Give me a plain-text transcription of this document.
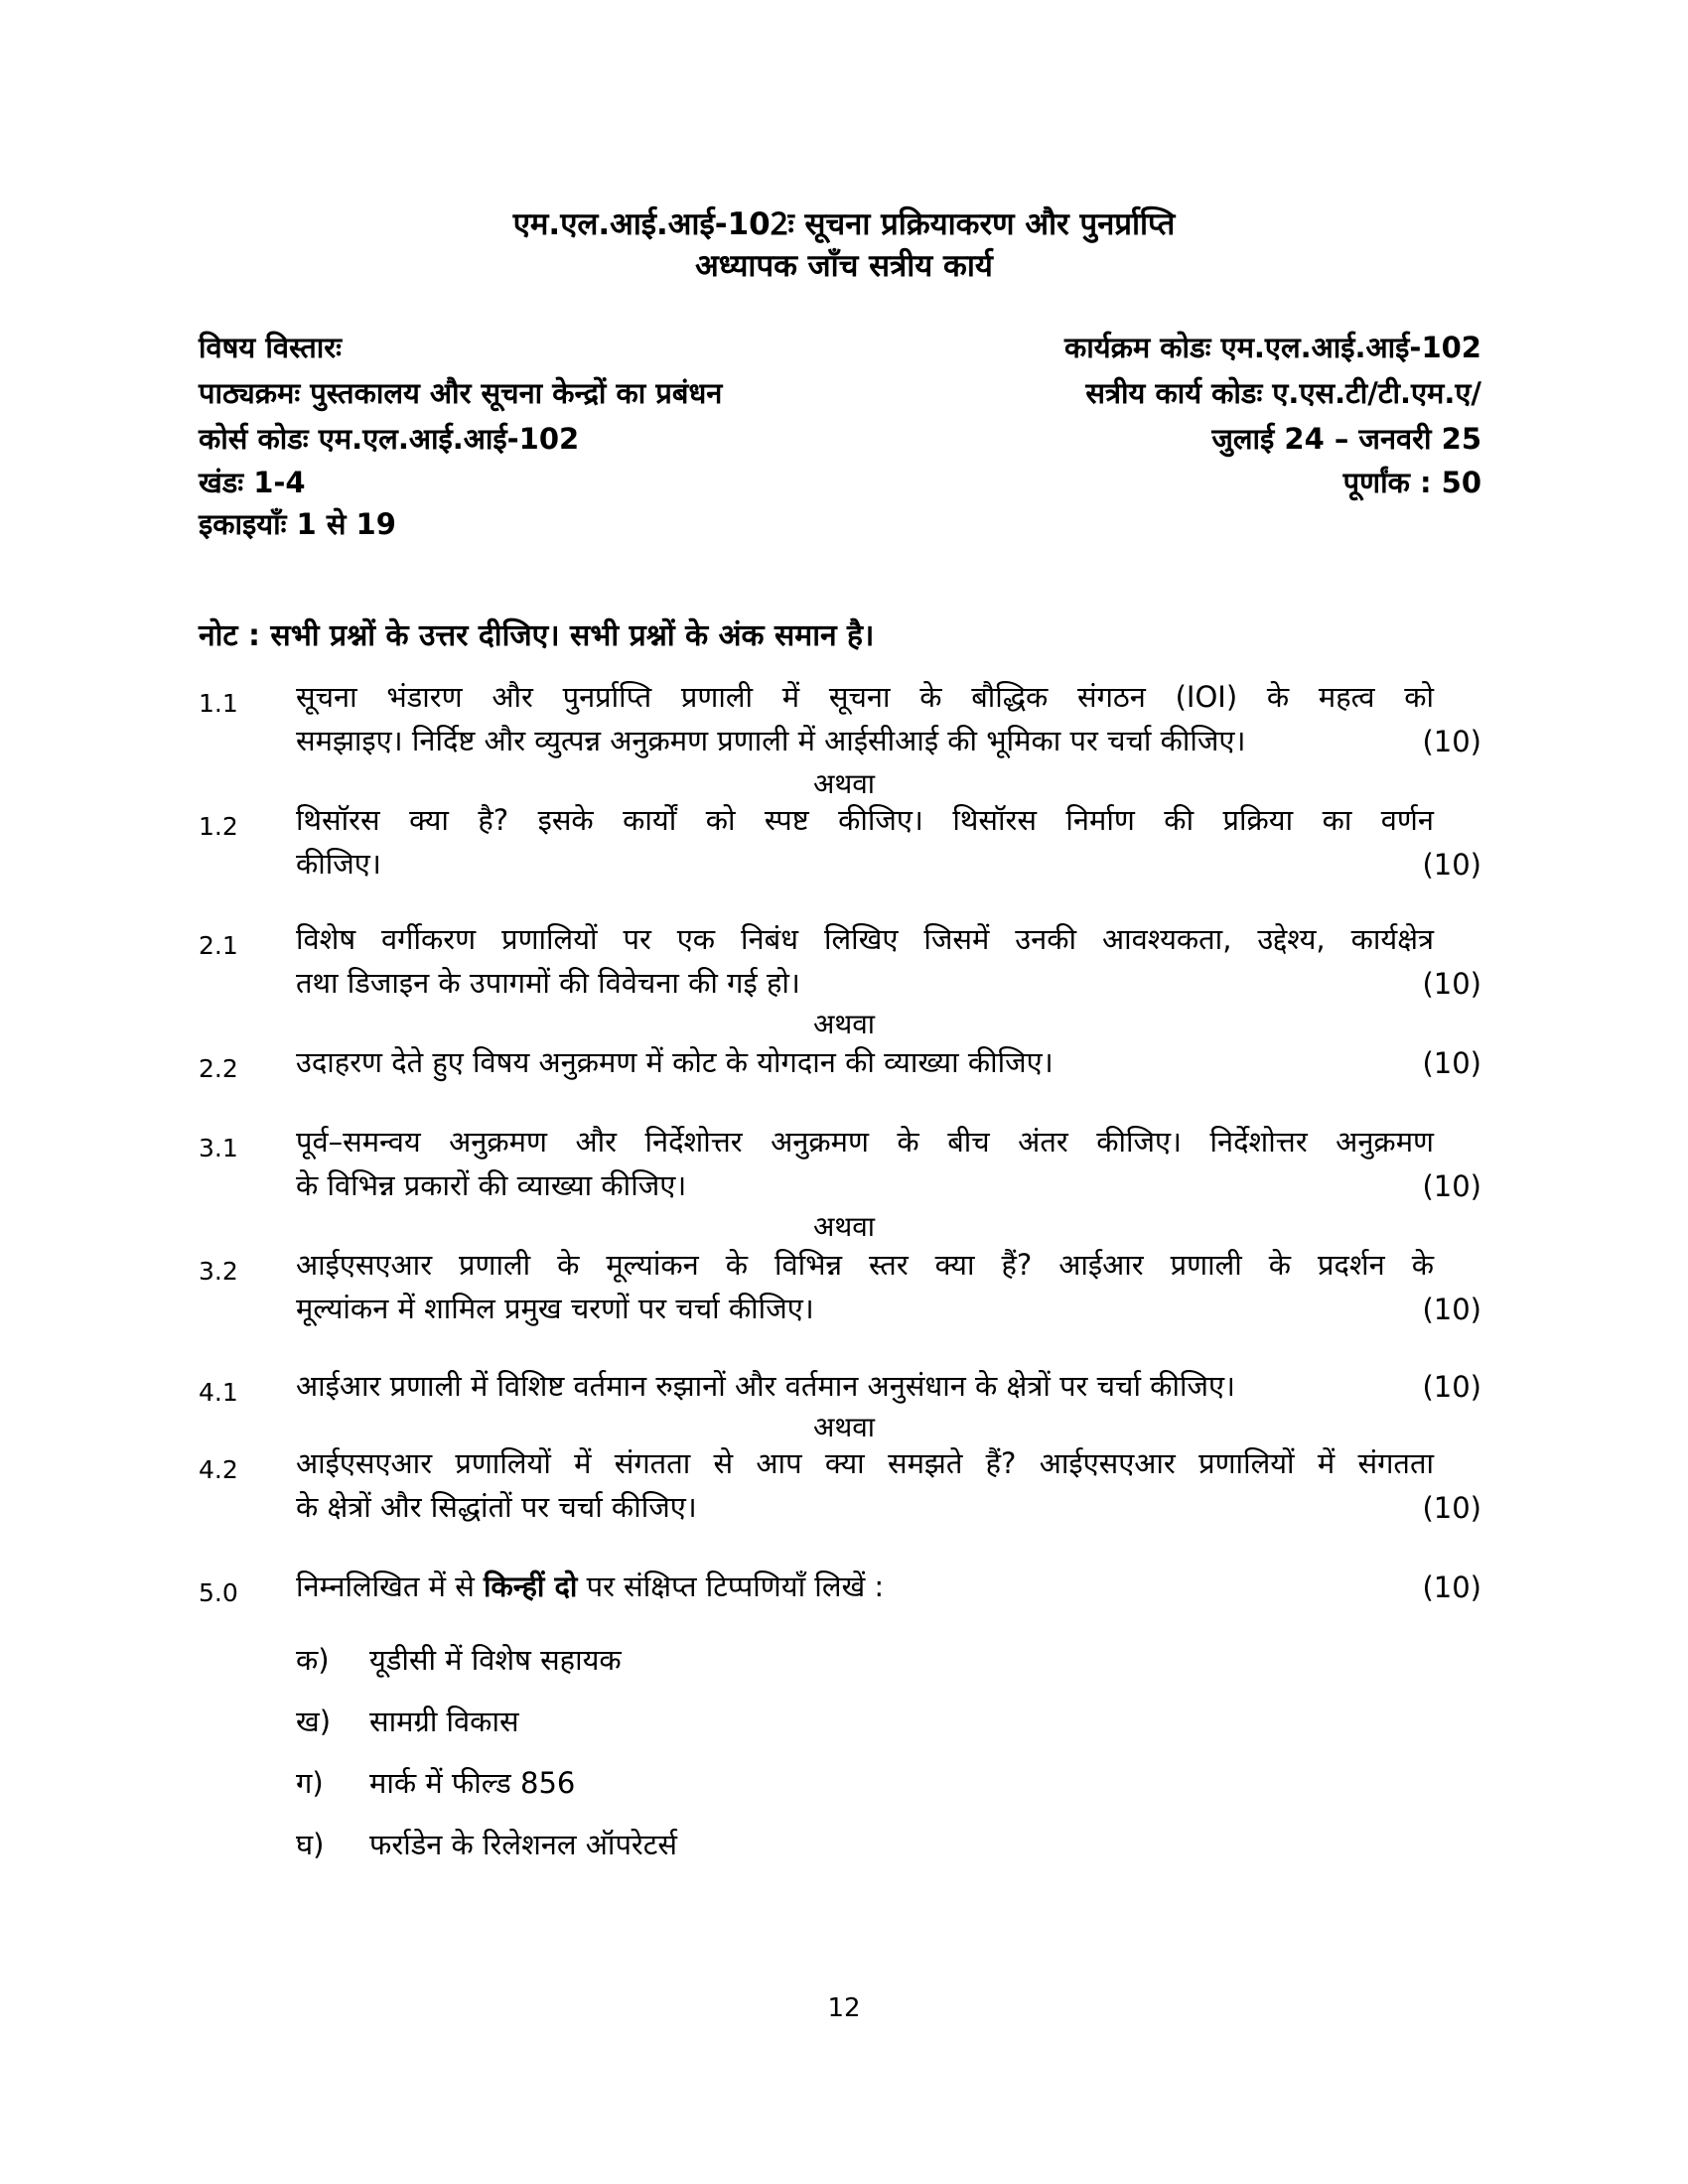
एम.एल.आई.आई-102ः सूचना प्रक्रियाकरण और पुनर्प्राप्ति
अध्यापक जाँच सत्रीय कार्य
विषय विस्तारः
पाठ्यक्रमः पुस्तकालय और सूचना केन्द्रों का प्रबंधन
कोर्स कोडः एम.एल.आई.आई-102
खंडः 1-4
इकाइयाँः 1 से 19
कार्यक्रम कोडः एम.एल.आई.आई-102
सत्रीय कार्य कोडः ए.एस.टी/टी.एम.ए/
जुलाई 24 – जनवरी 25
पूर्णांक : 50
नोट : सभी प्रश्नों के उत्तर दीजिए। सभी प्रश्नों के अंक समान है।
1.1 सूचना भंडारण और पुनर्प्राप्ति प्रणाली में सूचना के बौद्धिक संगठन (IOI) के महत्व को
समझाइए। निर्दिष्ट और व्युत्पन्न अनुक्रमण प्रणाली में आईसीआई की भूमिका पर चर्चा कीजिए।	(10)
अथवा
1.2 थिसॉरस क्या है? इसके कार्यों को स्पष्ट कीजिए। थिसॉरस निर्माण की प्रक्रिया का वर्णन
कीजिए।	(10)
2.1 विशेष वर्गीकरण प्रणालियों पर एक निबंध लिखिए जिसमें उनकी आवश्यकता, उद्देश्य, कार्यक्षेत्र
तथा डिजाइन के उपागमों की विवेचना की गई हो।	(10)
अथवा
2.2 उदाहरण देते हुए विषय अनुक्रमण में कोट के योगदान की व्याख्या कीजिए।	(10)
3.1 पूर्व–समन्वय अनुक्रमण और निर्देशोत्तर अनुक्रमण के बीच अंतर कीजिए। निर्देशोत्तर अनुक्रमण
के विभिन्न प्रकारों की व्याख्या कीजिए।	(10)
अथवा
3.2 आईएसएआर प्रणाली के मूल्यांकन के विभिन्न स्तर क्या हैं? आईआर प्रणाली के प्रदर्शन के
मूल्यांकन में शामिल प्रमुख चरणों पर चर्चा कीजिए।	(10)
4.1 आईआर प्रणाली में विशिष्ट वर्तमान रुझानों और वर्तमान अनुसंधान के क्षेत्रों पर चर्चा कीजिए।	(10)
अथवा
4.2 आईएसएआर प्रणालियों में संगतता से आप क्या समझते हैं? आईएसएआर प्रणालियों में संगतता
के क्षेत्रों और सिद्धांतों पर चर्चा कीजिए।	(10)
5.0 निम्नलिखित में से किन्हीं दो पर संक्षिप्त टिप्पणियाँ लिखें :	(10)
क) यूडीसी में विशेष सहायक
ख) सामग्री विकास
ग) मार्क में फील्ड 856
घ) फर्राडेन के रिलेशनल ऑपरेटर्स
12
